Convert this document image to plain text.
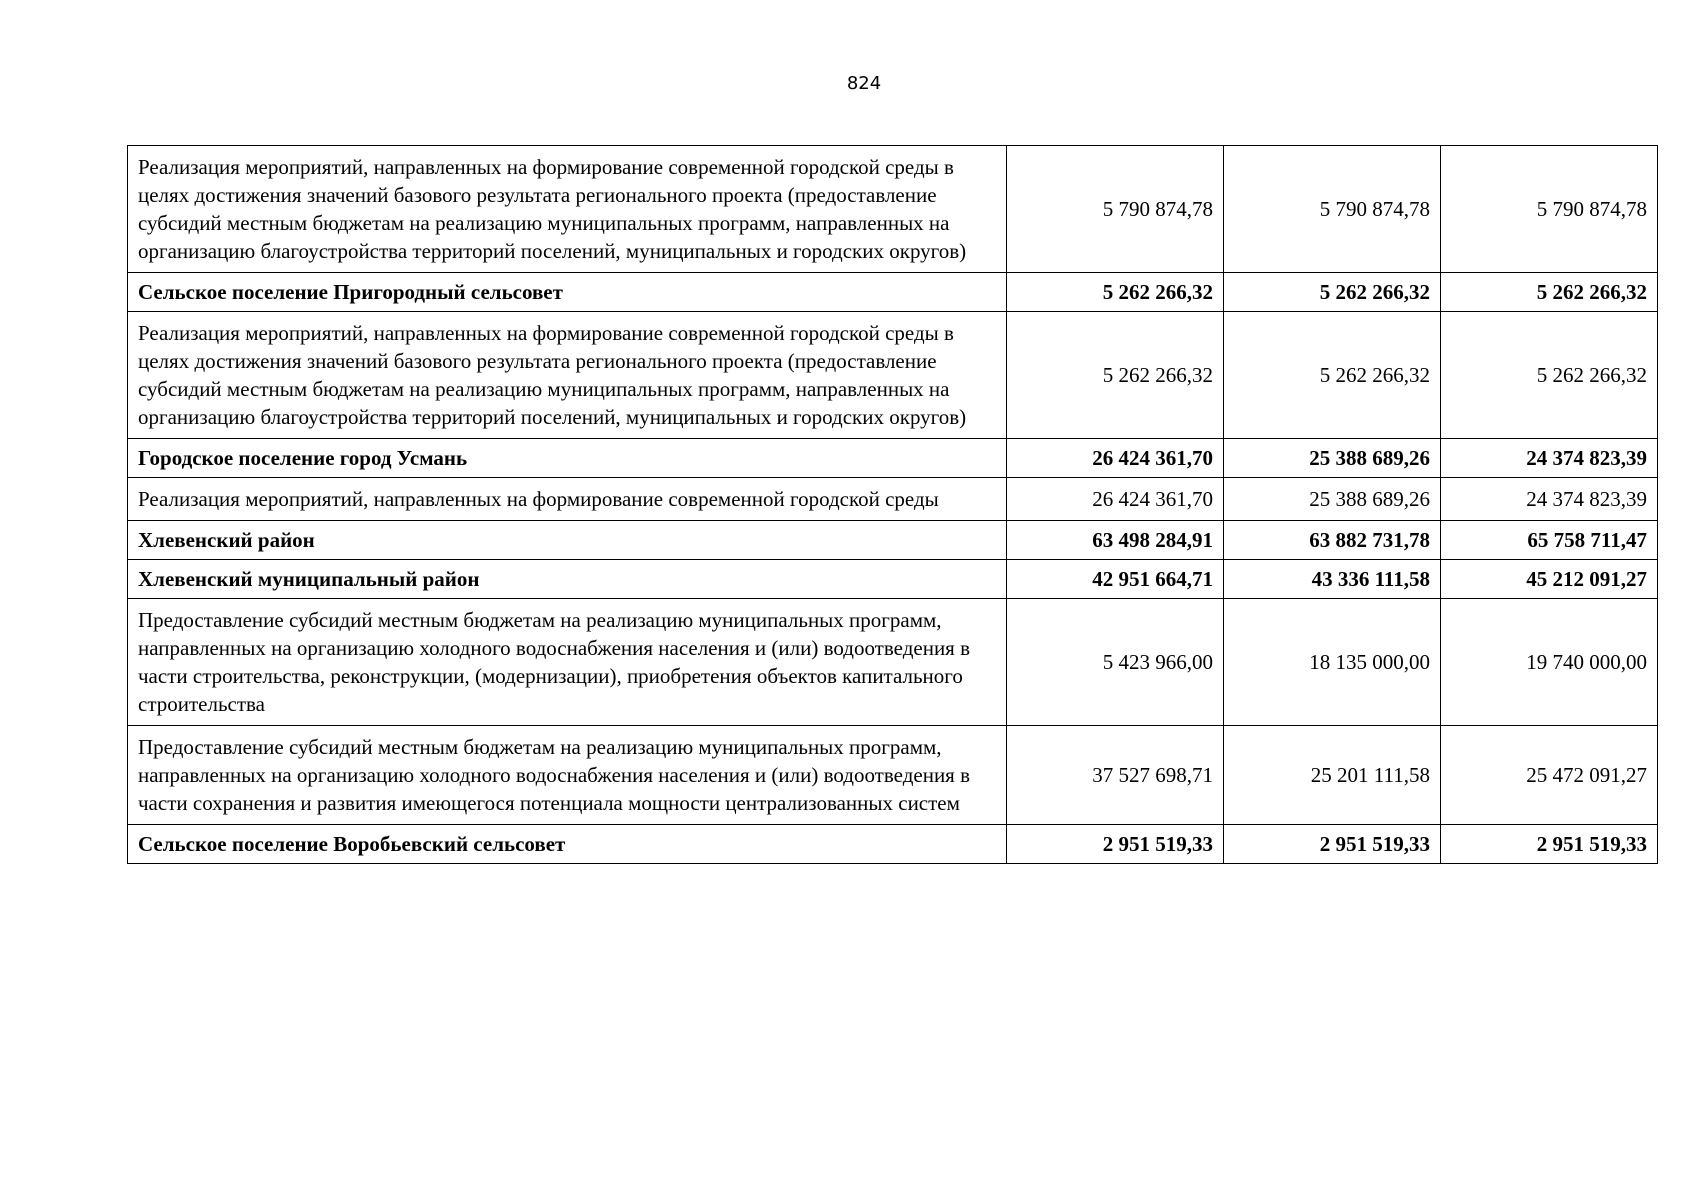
824
Реализация мероприятий, направленных на формирование современной городской среды в целях достижения значений базового результата регионального проекта (предоставление субсидий местным бюджетам на реализацию муниципальных программ, направленных на организацию благоустройства территорий поселений, муниципальных и городских округов)	5 790 874,78	5 790 874,78	5 790 874,78
Сельское поселение Пригородный сельсовет	5 262 266,32	5 262 266,32	5 262 266,32
Реализация мероприятий, направленных на формирование современной городской среды в целях достижения значений базового результата регионального проекта (предоставление субсидий местным бюджетам на реализацию муниципальных программ, направленных на организацию благоустройства территорий поселений, муниципальных и городских округов)	5 262 266,32	5 262 266,32	5 262 266,32
Городское поселение город Усмань	26 424 361,70	25 388 689,26	24 374 823,39
Реализация мероприятий, направленных на формирование современной городской среды	26 424 361,70	25 388 689,26	24 374 823,39
Хлевенский район	63 498 284,91	63 882 731,78	65 758 711,47
Хлевенский муниципальный район	42 951 664,71	43 336 111,58	45 212 091,27
Предоставление субсидий местным бюджетам на реализацию муниципальных программ, направленных на организацию холодного водоснабжения населения и (или) водоотведения в части строительства, реконструкции, (модернизации), приобретения объектов капитального строительства	5 423 966,00	18 135 000,00	19 740 000,00
Предоставление субсидий местным бюджетам на реализацию муниципальных программ, направленных на организацию холодного водоснабжения населения и (или) водоотведения в части сохранения и развития имеющегося потенциала мощности централизованных систем	37 527 698,71	25 201 111,58	25 472 091,27
Сельское поселение Воробьевский сельсовет	2 951 519,33	2 951 519,33	2 951 519,33
